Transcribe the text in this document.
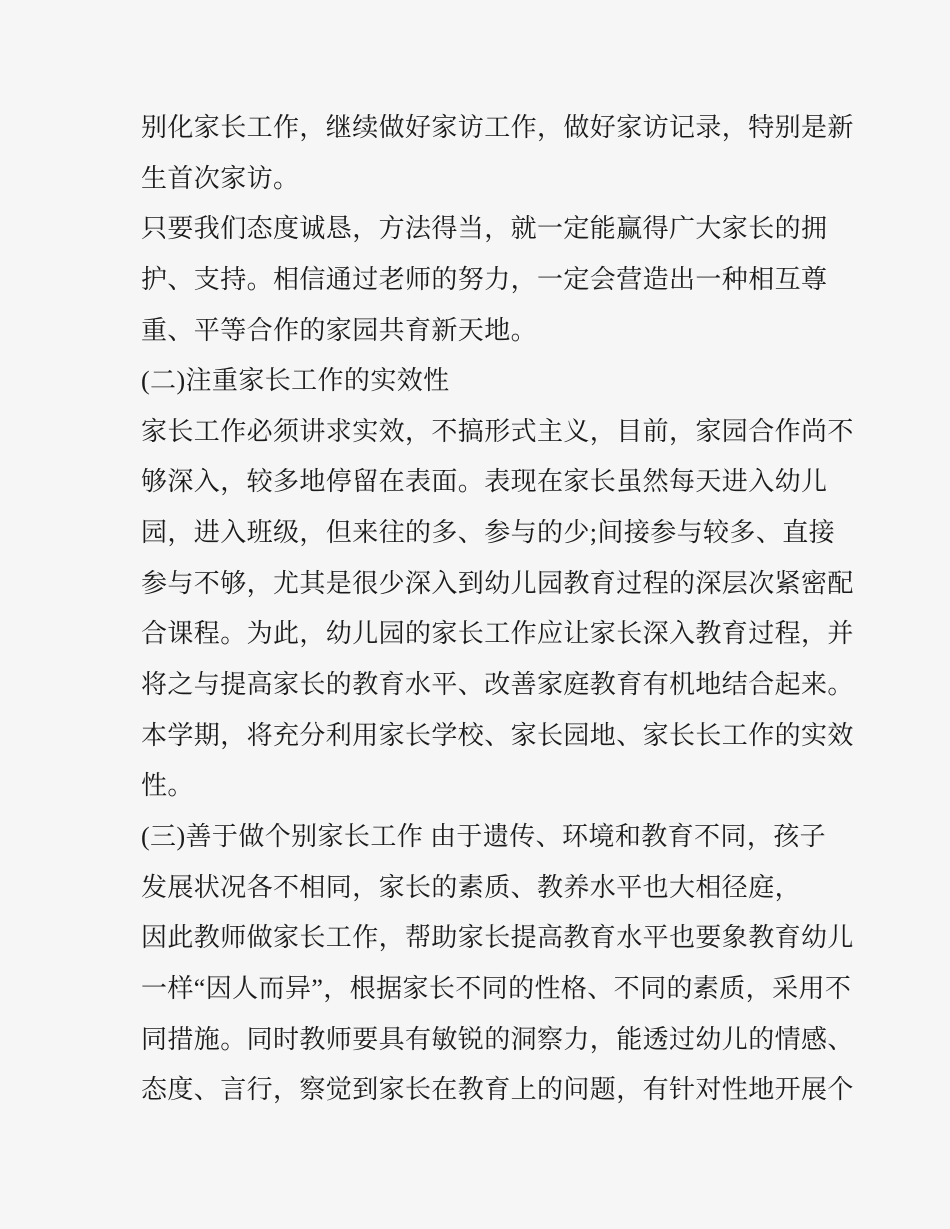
别化家长工作，继续做好家访工作，做好家访记录，特别是新
生首次家访。
只要我们态度诚恳，方法得当，就一定能赢得广大家长的拥
护、支持。相信通过老师的努力，一定会营造出一种相互尊
重、平等合作的家园共育新天地。
(二)注重家长工作的实效性
家长工作必须讲求实效，不搞形式主义，目前，家园合作尚不
够深入，较多地停留在表面。表现在家长虽然每天进入幼儿
园，进入班级，但来往的多、参与的少;间接参与较多、直接
参与不够，尤其是很少深入到幼儿园教育过程的深层次紧密配
合课程。为此，幼儿园的家长工作应让家长深入教育过程，并
将之与提高家长的教育水平、改善家庭教育有机地结合起来。
本学期，将充分利用家长学校、家长园地、家长长工作的实效
性。
(三)善于做个别家长工作 由于遗传、环境和教育不同，孩子
发展状况各不相同，家长的素质、教养水平也大相径庭，
因此教师做家长工作，帮助家长提高教育水平也要象教育幼儿
一样“因人而异”，根据家长不同的性格、不同的素质，采用不
同措施。同时教师要具有敏锐的洞察力，能透过幼儿的情感、
态度、言行，察觉到家长在教育上的问题，有针对性地开展个
